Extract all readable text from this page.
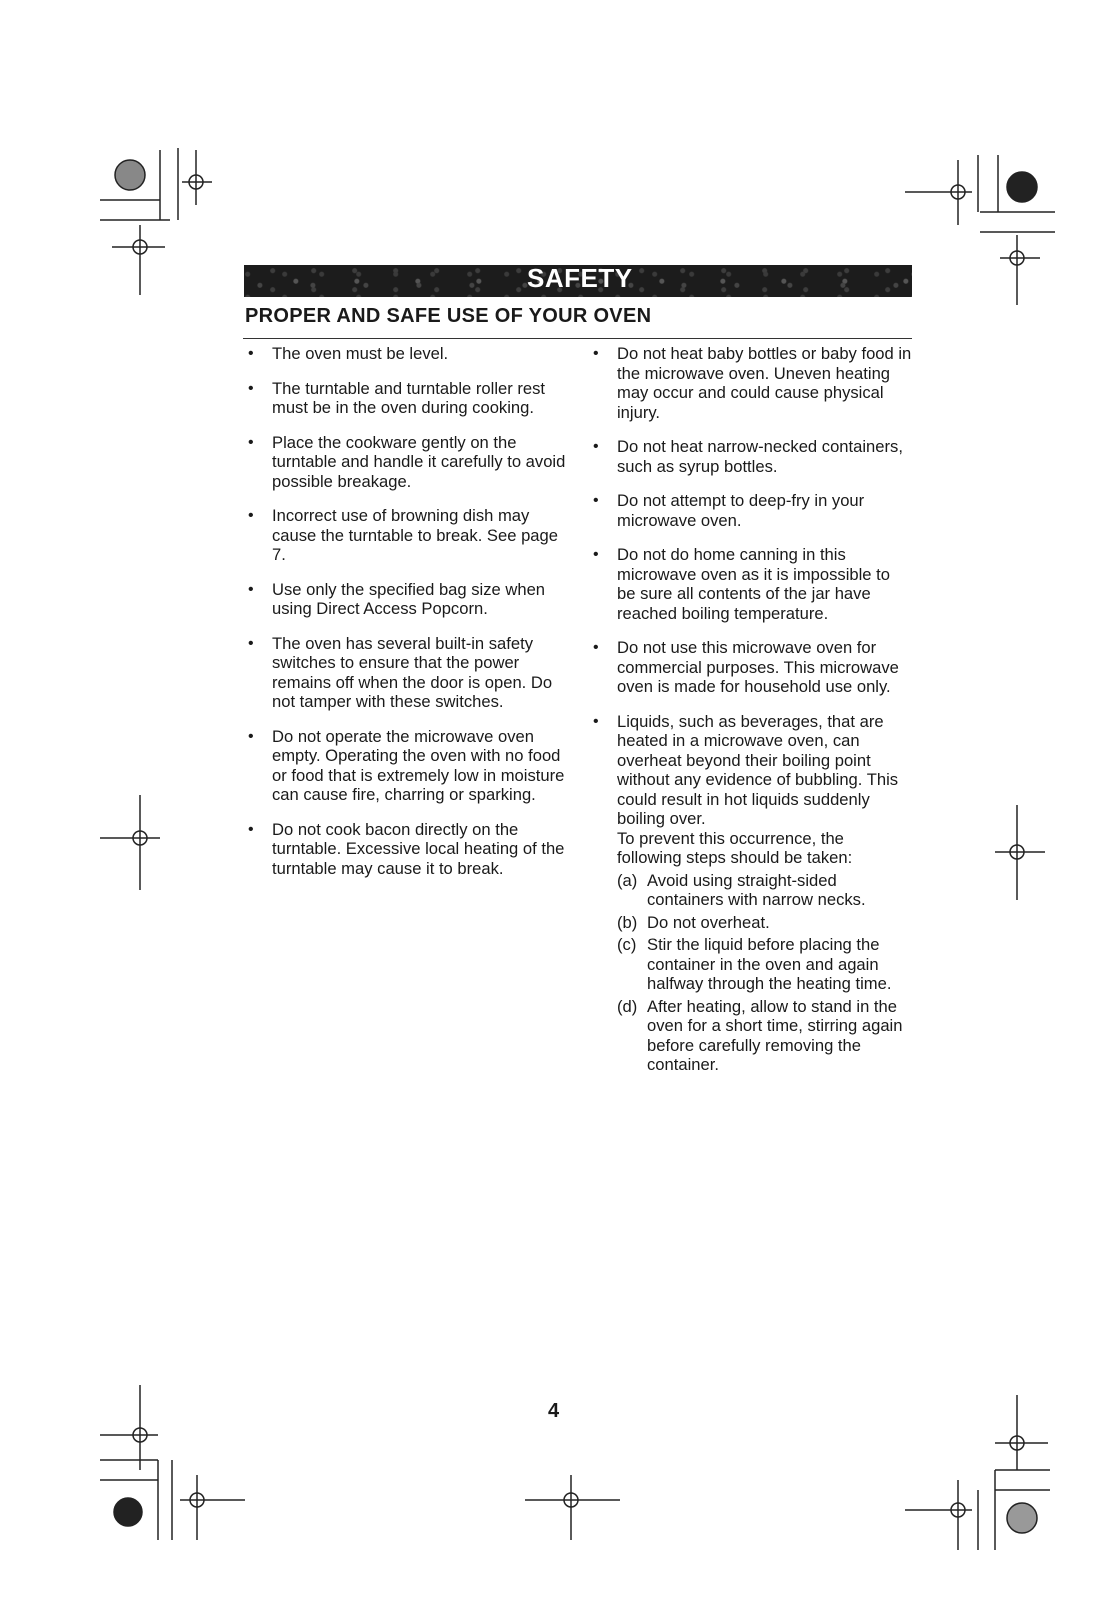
SAFETY
PROPER AND SAFE USE OF YOUR OVEN
• The oven must be level.
• The turntable and turntable roller rest must be in the oven during cooking.
• Place the cookware gently on the turntable and handle it carefully to avoid possible breakage.
• Incorrect use of browning dish may cause the turntable to break. See page 7.
• Use only the specified bag size when using Direct Access Popcorn.
• The oven has several built-in safety switches to ensure that the power remains off when the door is open. Do not tamper with these switches.
• Do not operate the microwave oven empty. Operating the oven with no food or food that is extremely low in moisture can cause fire, charring or sparking.
• Do not cook bacon directly on the turntable. Excessive local heating of the turntable may cause it to break.
• Do not heat baby bottles or baby food in the microwave oven. Uneven heating may occur and could cause physical injury.
• Do not heat narrow-necked containers, such as syrup bottles.
• Do not attempt to deep-fry in your microwave oven.
• Do not do home canning in this microwave oven as it is impossible to be sure all contents of the jar have reached boiling temperature.
• Do not use this microwave oven for commercial purposes. This microwave oven is made for household use only.
• Liquids, such as beverages, that are heated in a microwave oven, can overheat beyond their boiling point without any evidence of bubbling. This could result in hot liquids suddenly boiling over.
To prevent this occurrence, the following steps should be taken:
(a) Avoid using straight-sided containers with narrow necks.
(b) Do not overheat.
(c) Stir the liquid before placing the container in the oven and again halfway through the heating time.
(d) After heating, allow to stand in the oven for a short time, stirring again before carefully removing the container.
4
